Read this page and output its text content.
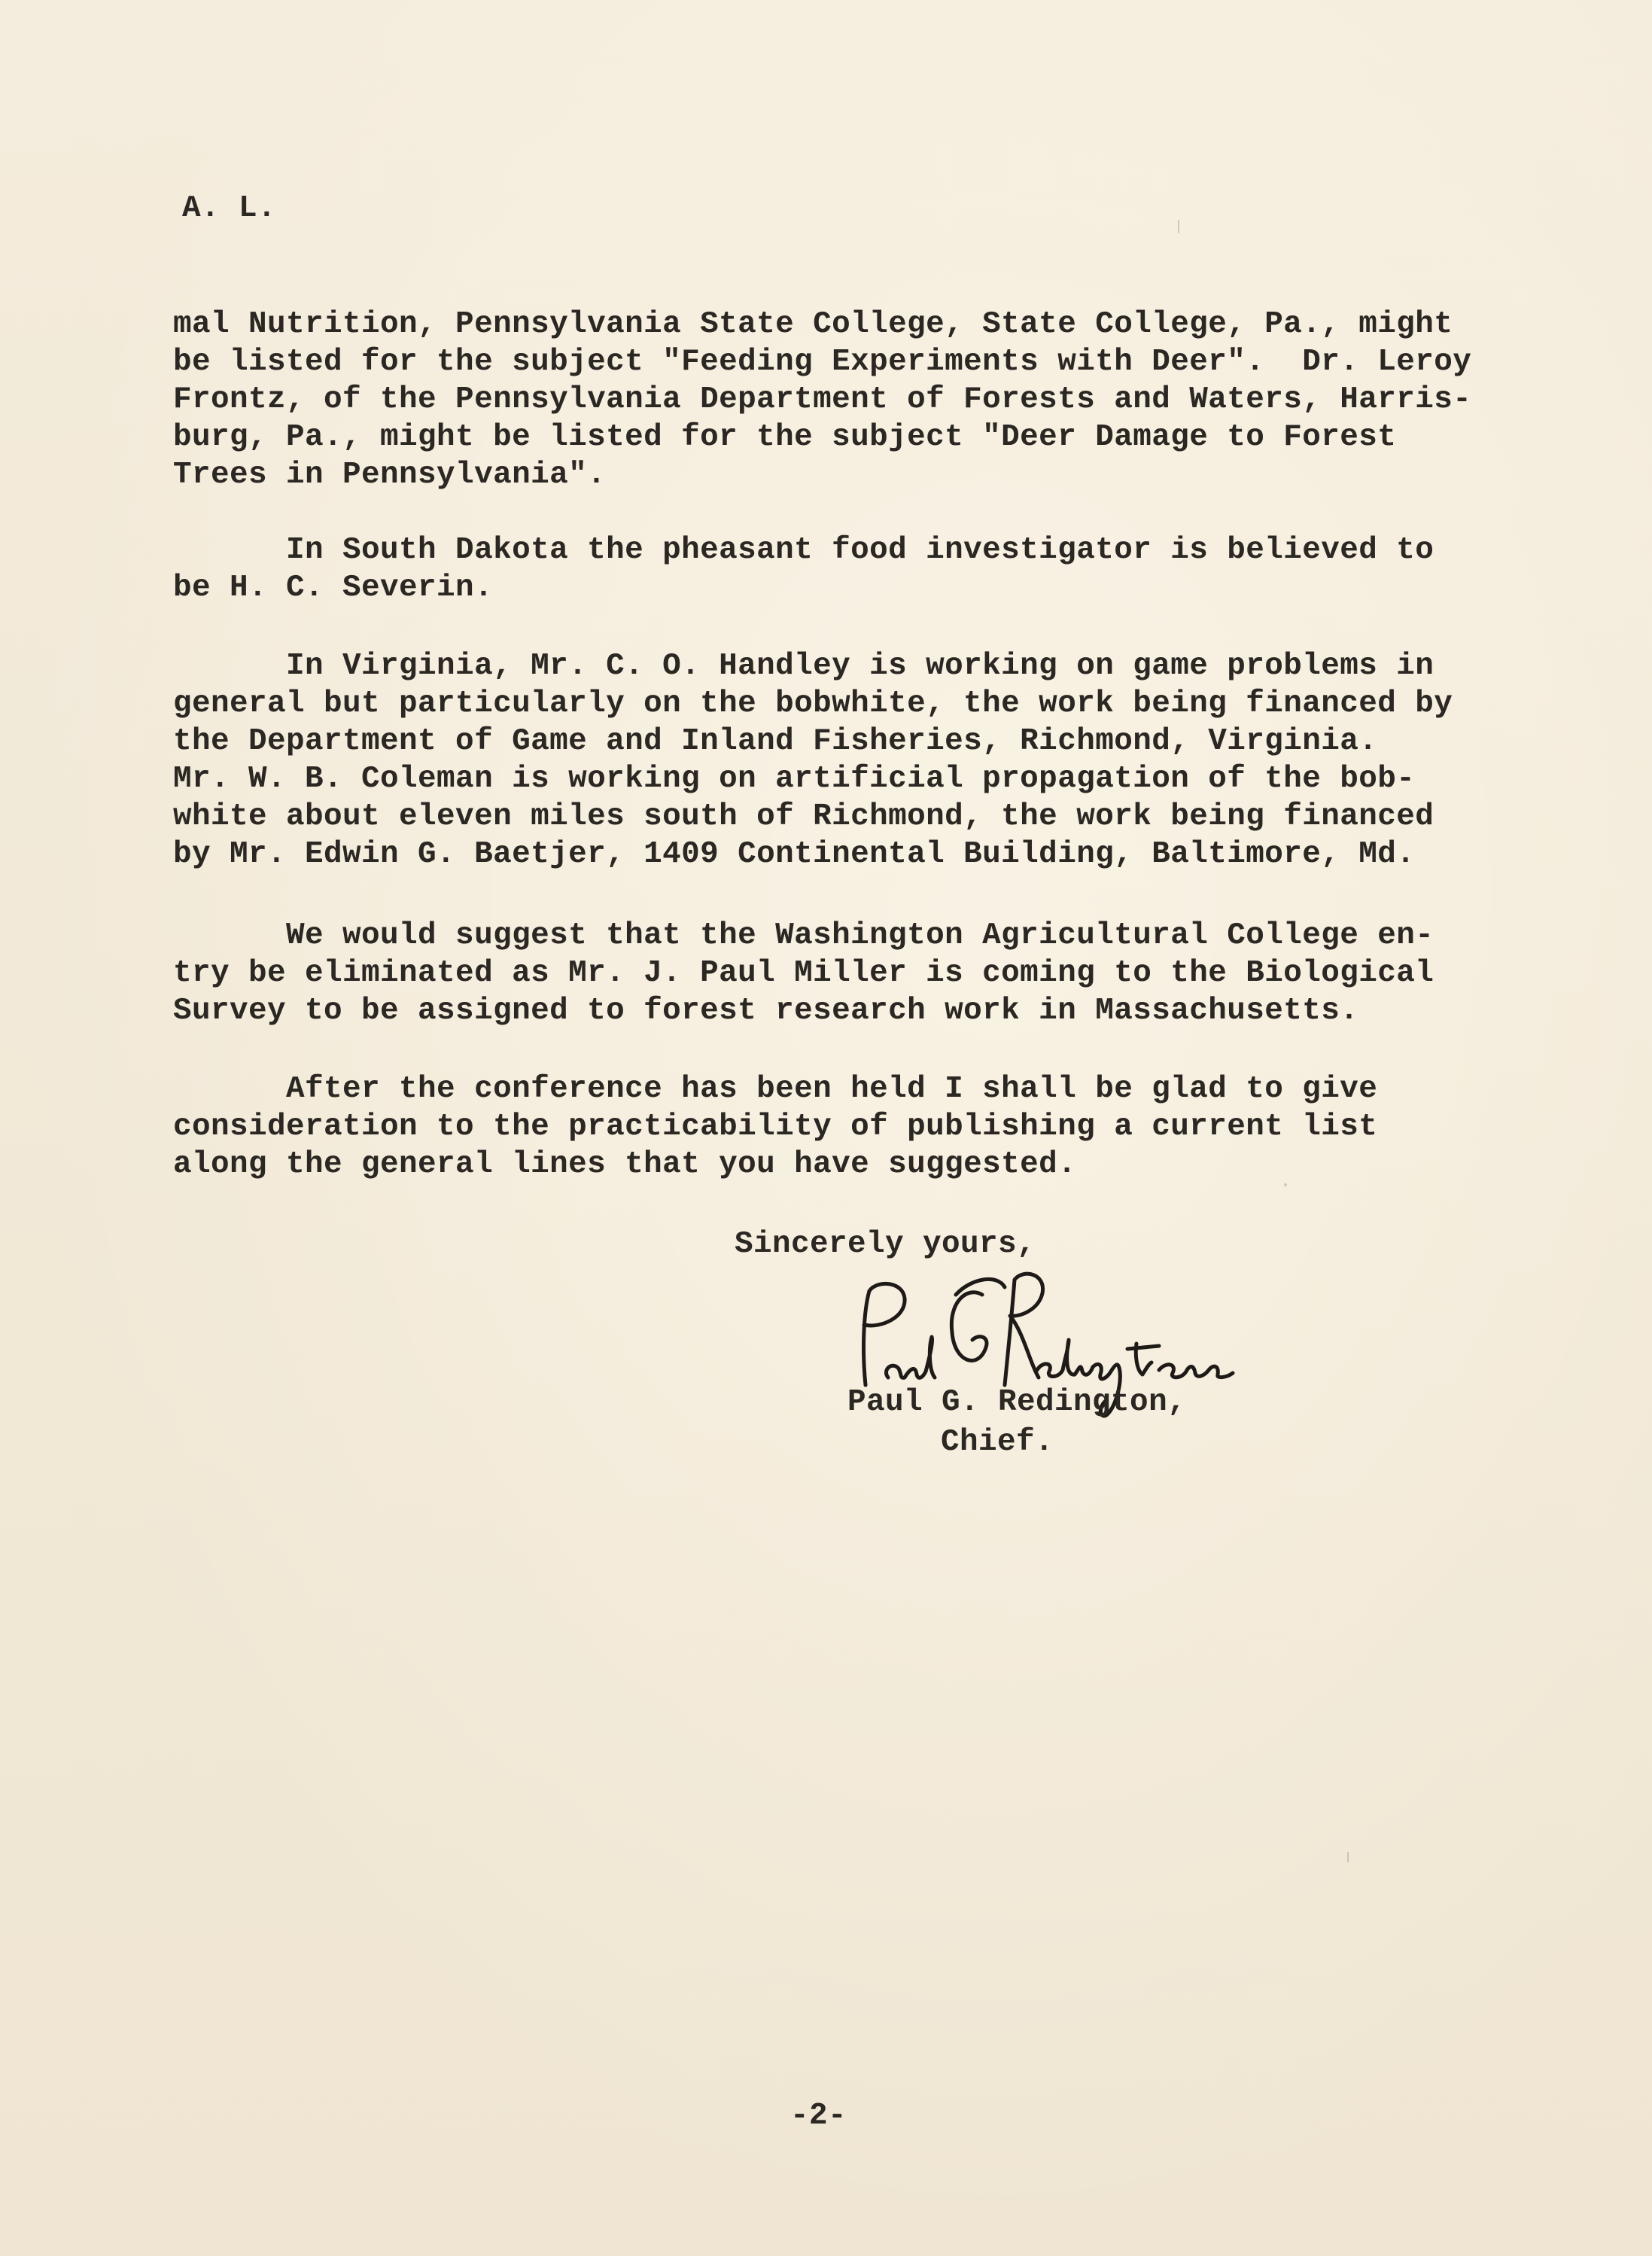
A. L.
mal Nutrition, Pennsylvania State College, State College, Pa., might
be listed for the subject "Feeding Experiments with Deer".  Dr. Leroy
Frontz, of the Pennsylvania Department of Forests and Waters, Harris-
burg, Pa., might be listed for the subject "Deer Damage to Forest
Trees in Pennsylvania".
In South Dakota the pheasant food investigator is believed to
be H. C. Severin.
In Virginia, Mr. C. O. Handley is working on game problems in
general but particularly on the bobwhite, the work being financed by
the Department of Game and Inland Fisheries, Richmond, Virginia.
Mr. W. B. Coleman is working on artificial propagation of the bob-
white about eleven miles south of Richmond, the work being financed
by Mr. Edwin G. Baetjer, 1409 Continental Building, Baltimore, Md.
We would suggest that the Washington Agricultural College en-
try be eliminated as Mr. J. Paul Miller is coming to the Biological
Survey to be assigned to forest research work in Massachusetts.
After the conference has been held I shall be glad to give
consideration to the practicability of publishing a current list
along the general lines that you have suggested.
Sincerely yours,
Paul G. Redington,
Chief.
-2-
